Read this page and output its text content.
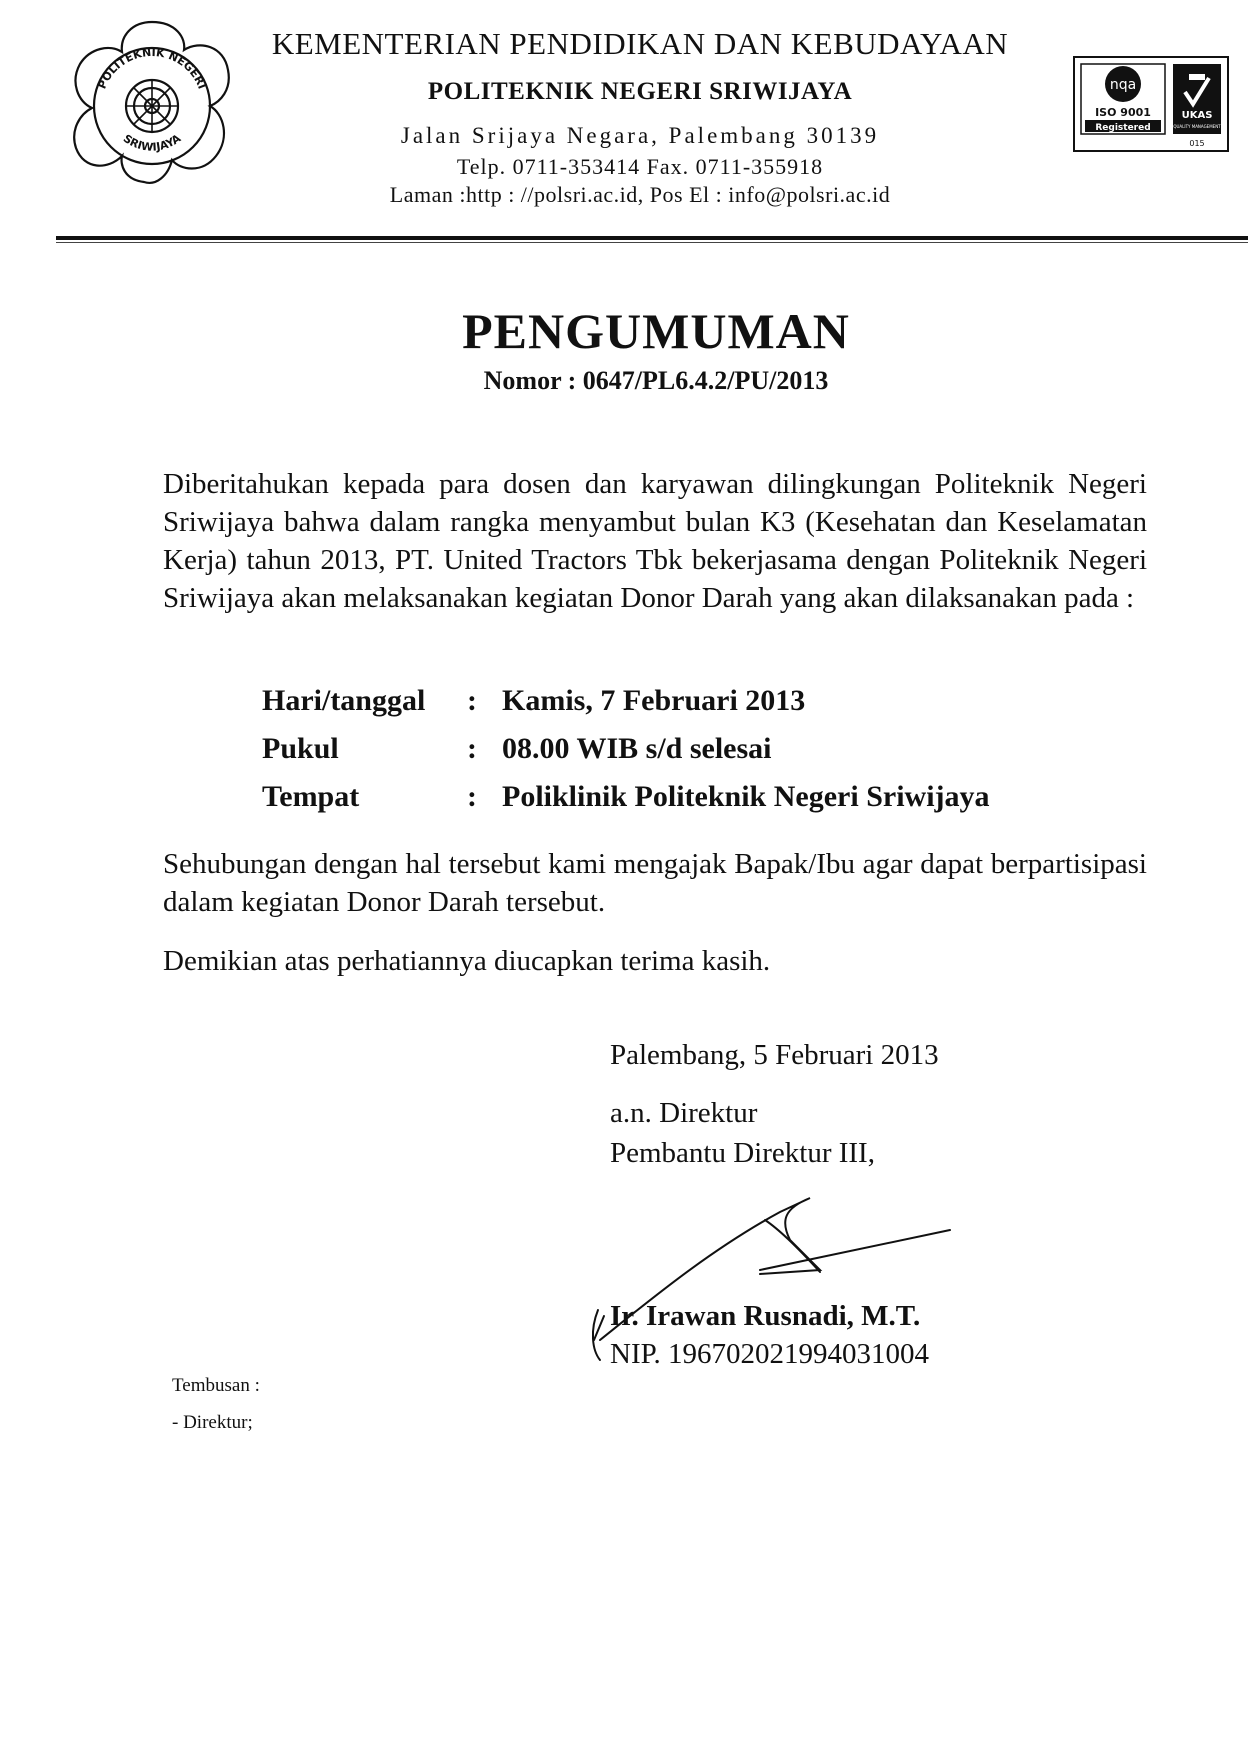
POLITEKNIK NEGERI
SRIWIJAYA
KEMENTERIAN PENDIDIKAN DAN KEBUDAYAAN
POLITEKNIK NEGERI SRIWIJAYA
Jalan Srijaya Negara, Palembang 30139
Telp. 0711-353414 Fax. 0711-355918
Laman :http : //polsri.ac.id, Pos El : info@polsri.ac.id
nqa
ISO 9001
Registered
UKAS
QUALITY MANAGEMENT
015
PENGUMUMAN
Nomor : 0647/PL6.4.2/PU/2013
Diberitahukan kepada para dosen dan karyawan dilingkungan Politeknik Negeri Sriwijaya bahwa dalam rangka menyambut bulan K3 (Kesehatan dan Keselamatan Kerja) tahun 2013, PT. United Tractors Tbk bekerjasama dengan Politeknik Negeri Sriwijaya akan melaksanakan kegiatan Donor Darah yang akan dilaksanakan pada :
Hari/tanggal : Kamis, 7 Februari 2013
Pukul	: 08.00 WIB s/d selesai
Tempat	: Poliklinik Politeknik Negeri Sriwijaya
Sehubungan dengan hal tersebut kami mengajak Bapak/Ibu agar dapat berpartisipasi dalam kegiatan Donor Darah tersebut.
Demikian atas perhatiannya diucapkan terima kasih.
Palembang, 5 Februari 2013
a.n. Direktur
Pembantu Direktur III,
Ir. Irawan Rusnadi, M.T.
NIP. 196702021994031004
Tembusan :
- Direktur;
